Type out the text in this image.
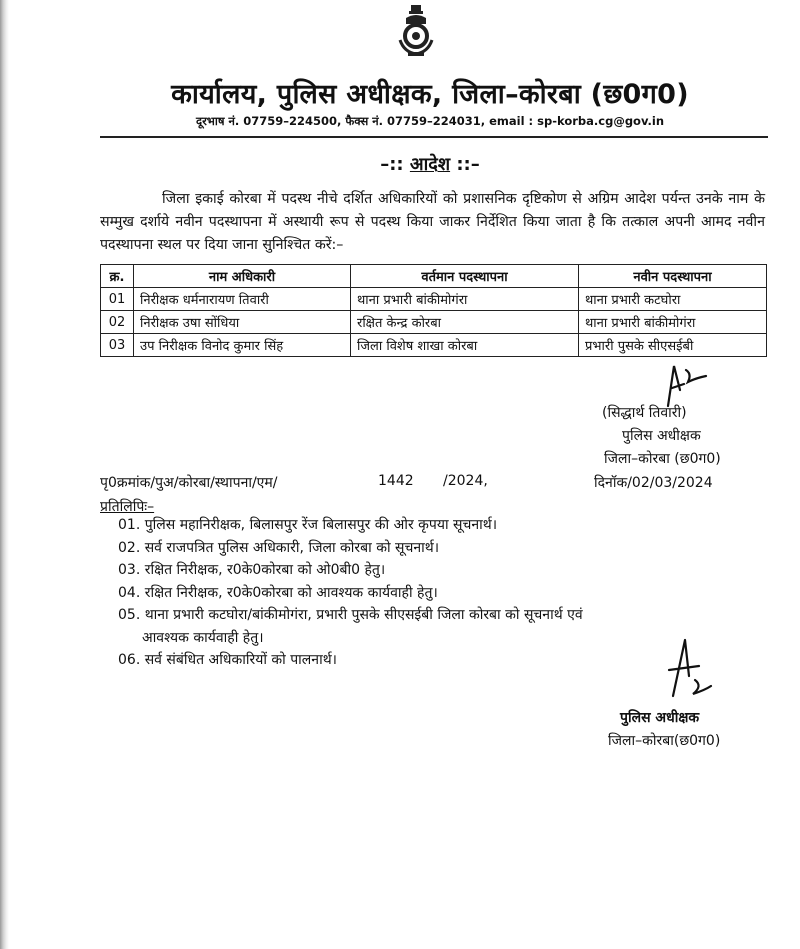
कार्यालय, पुलिस अधीक्षक, जिला–कोरबा (छ0ग0)
दूरभाष नं. 07759–224500, फैक्स नं. 07759–224031, email : sp-korba.cg@gov.in
–:: आदेश ::–
जिला इकाई कोरबा में पदस्थ नीचे दर्शित अधिकारियों को प्रशासनिक दृष्टिकोण से अग्रिम आदेश पर्यन्त उनके नाम के सम्मुख दर्शाये नवीन पदस्थापना में अस्थायी रूप से पदस्थ किया जाकर निर्देशित किया जाता है कि तत्काल अपनी आमद नवीन पदस्थापना स्थल पर दिया जाना सुनिश्चित करें:–
क्र.	नाम अधिकारी	वर्तमान पदस्थापना	नवीन पदस्थापना
01	निरीक्षक धर्मनारायण तिवारी	थाना प्रभारी बांकीमोगंरा	थाना प्रभारी कटघोरा
02	निरीक्षक उषा सोंधिया	रक्षित केन्द्र कोरबा	थाना प्रभारी बांकीमोगंरा
03	उप निरीक्षक विनोद कुमार सिंह	जिला विशेष शाखा कोरबा	प्रभारी पुसके सीएसईबी
(सिद्धार्थ तिवारी)
पुलिस अधीक्षक
जिला–कोरबा (छ0ग0)
पृ0क्रमांक/पुअ/कोरबा/स्थापना/एम/	1442 /2024,	दिनॉक/02/03/2024
प्रतिलिपिः–
01. पुलिस महानिरीक्षक, बिलासपुर रेंज बिलासपुर की ओर कृपया सूचनार्थ।
02. सर्व राजपत्रित पुलिस अधिकारी, जिला कोरबा को सूचनार्थ।
03. रक्षित निरीक्षक, र0के0कोरबा को ओ0बी0 हेतु।
04. रक्षित निरीक्षक, र0के0कोरबा को आवश्यक कार्यवाही हेतु।
05. थाना प्रभारी कटघोरा/बांकीमोगंरा, प्रभारी पुसके सीएसईबी जिला कोरबा को सूचनार्थ एवं
आवश्यक कार्यवाही हेतु।
06. सर्व संबंधित अधिकारियों को पालनार्थ।
पुलिस अधीक्षक
जिला–कोरबा(छ0ग0)
